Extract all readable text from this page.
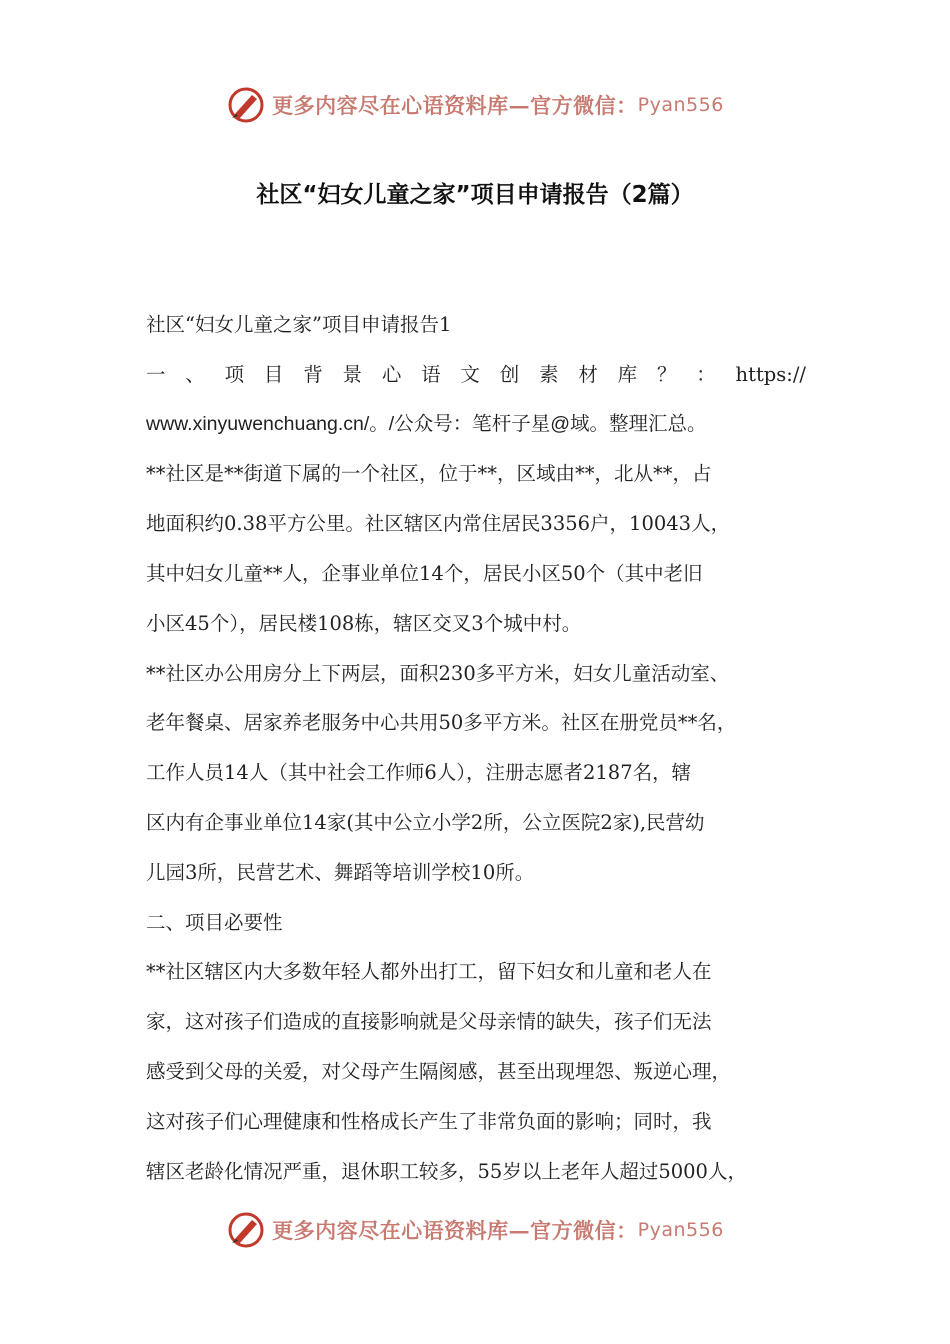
更多内容尽在心语资料库— 官方微信： Pyan556
社区“妇女儿童之家”项目申请报告（2篇）
社区“妇女儿童之家”项目申请报告1
一 、 项 目 背 景 心 语 文 创 素 材 库 ？ ： https://
www.xinyuwenchuang.cn/。/公众号：笔杆子星@域。整理汇总。
**社区是**街道下属的一个社区，位于**，区域由**，北从**，占
地面积约0.38平方公里。社区辖区内常住居民3356户，10043人，
其中妇女儿童**人，企事业单位14个，居民小区50个（其中老旧
小区45个），居民楼108栋，辖区交叉3个城中村。
**社区办公用房分上下两层，面积230多平方米，妇女儿童活动室、
老年餐桌、居家养老服务中心共用50多平方米。社区在册党员**名，
工作人员14人（其中社会工作师6人），注册志愿者2187名，辖
区内有企事业单位14家(其中公立小学2所，公立医院2家),民营幼
儿园3所，民营艺术、舞蹈等培训学校10所。
二、项目必要性
**社区辖区内大多数年轻人都外出打工，留下妇女和儿童和老人在
家，这对孩子们造成的直接影响就是父母亲情的缺失，孩子们无法
感受到父母的关爱，对父母产生隔阂感，甚至出现埋怨、叛逆心理，
这对孩子们心理健康和性格成长产生了非常负面的影响；同时，我
辖区老龄化情况严重，退休职工较多，55岁以上老年人超过5000人，
更多内容尽在心语资料库— 官方微信： Pyan556
